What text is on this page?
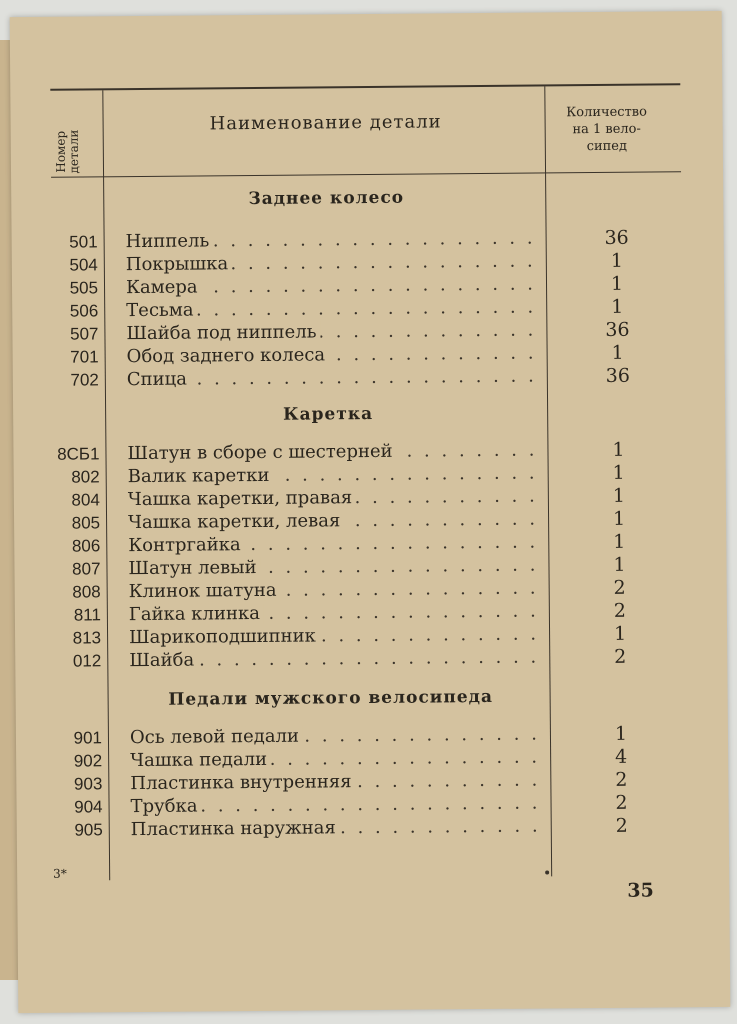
Номер детали
Наименование детали	Количество
на 1 вело-
сипед
Заднее колесо
501 Ниппель . . .	36
504 Покрышка . . .	1
505 Камера . . .	1
506 Тесьма . . .	1
507 Шайба под ниппель . . .	36
701 Обод заднего колеса . . .	1
702 Спица . . .	36
Каретка
8СБ1 Шатун в сборе с шестерней . . .	1
802 Валик каретки . . .	1
804 Чашка каретки, правая . . .	1
805 Чашка каретки, левая . . .	1
806 Контргайка . . .	1
807 Шатун левый . . .	1
808 Клинок шатуна . . .	2
811 Гайка клинка . . .	2
813 Шарикоподшипник . . .	1
012 Шайба . . .	2
Педали мужского велосипеда
901 Ось левой педали . . .	1
902 Чашка педали . . .	4
903 Пластинка внутренняя . . .	2
904 Трубка . . .	2
905 Пластинка наружная . . .	2
3*
35
